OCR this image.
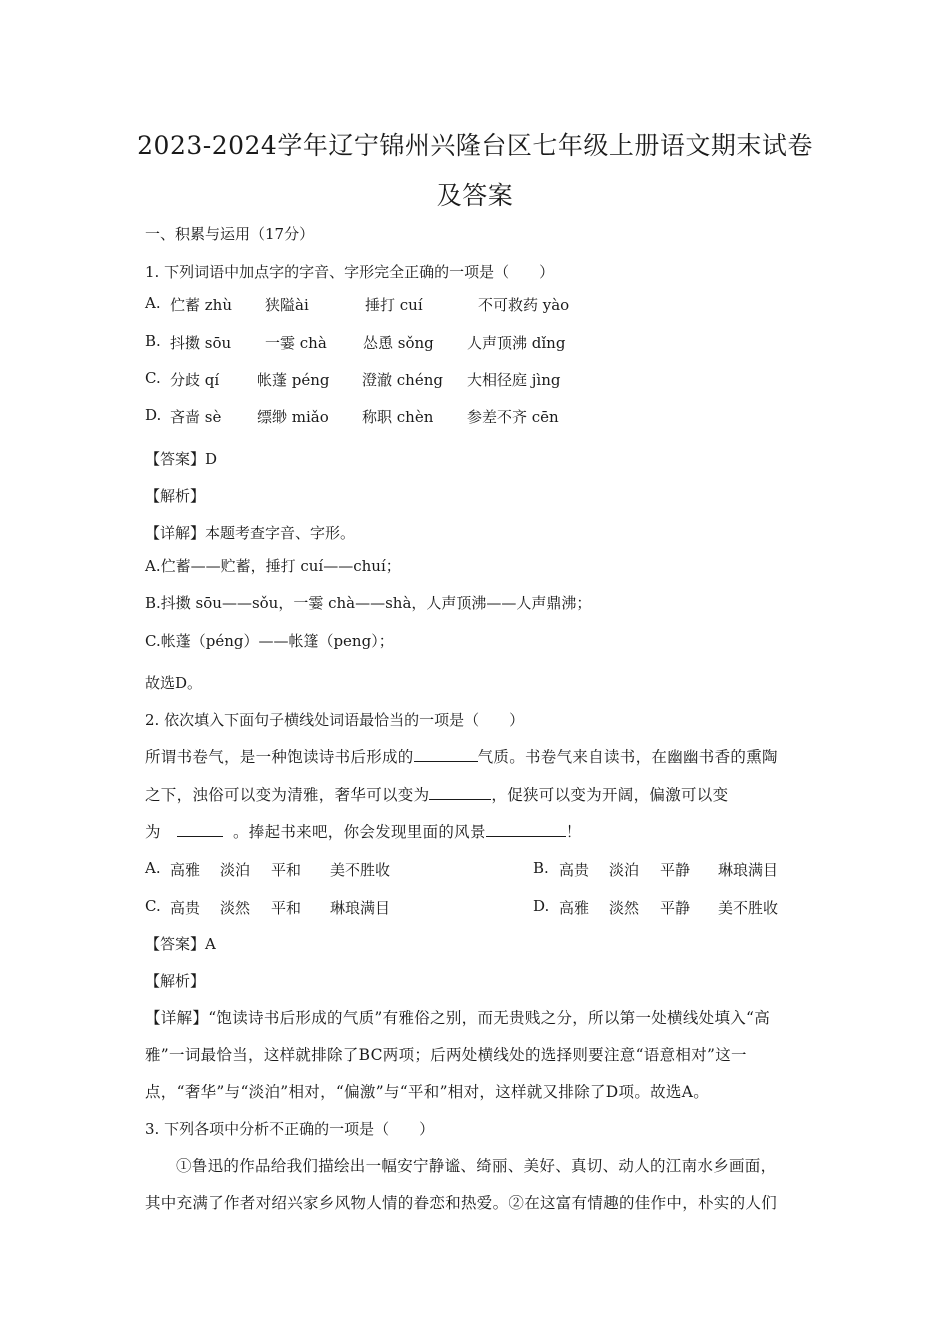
2023-2024学年辽宁锦州兴隆台区七年级上册语文期末试卷
及答案
一、积累与运用（17分）
1. 下列词语中加点字的字音、字形完全正确的一项是（　　）
A. 伫蓄 zhù 狭隘ài	捶打 cuí	不可救药 yào
B. 抖擞 sōu 一霎 chà 怂恿 sǒng 人声顶沸 dǐng
C. 分歧 qí	帐蓬 péng 澄澈 chéng 大相径庭 jìng
D. 吝啬 sè 缥缈 miǎo 称职 chèn 参差不齐 cēn
【答案】D
【解析】
【详解】本题考查字音、字形。
A.伫蓄——贮蓄，捶打 cuí——chuí；
B.抖擞 sōu——sǒu，一霎 chà——shà，人声顶沸——人声鼎沸；
C.帐蓬（péng）——帐篷（peng）；
故选D。
2. 依次填入下面句子横线处词语最恰当的一项是（　　）
所谓书卷气，是一种饱读诗书后形成的	气质。书卷气来自读书，在幽幽书香的熏陶
之下，浊俗可以变为清雅，奢华可以变为	，促狭可以变为开阔，偏激可以变
为	。捧起书来吧，你会发现里面的风景	！
A. 高雅 淡泊 平和 美不胜收	B. 高贵 淡泊 平静 琳琅满目
C. 高贵 淡然 平和 琳琅满目	D. 高雅 淡然 平静 美不胜收
【答案】A
【解析】
【详解】“饱读诗书后形成的气质”有雅俗之别，而无贵贱之分，所以第一处横线处填入“高
雅”一词最恰当，这样就排除了BC两项；后两处横线处的选择则要注意“语意相对”这一
点，“奢华”与“淡泊”相对，“偏激”与“平和”相对，这样就又排除了D项。故选A。
3. 下列各项中分析不正确的一项是（　　）
①鲁迅的作品给我们描绘出一幅安宁静谧、绮丽、美好、真切、动人的江南水乡画面，
其中充满了作者对绍兴家乡风物人情的眷恋和热爱。②在这富有情趣的佳作中，朴实的人们
